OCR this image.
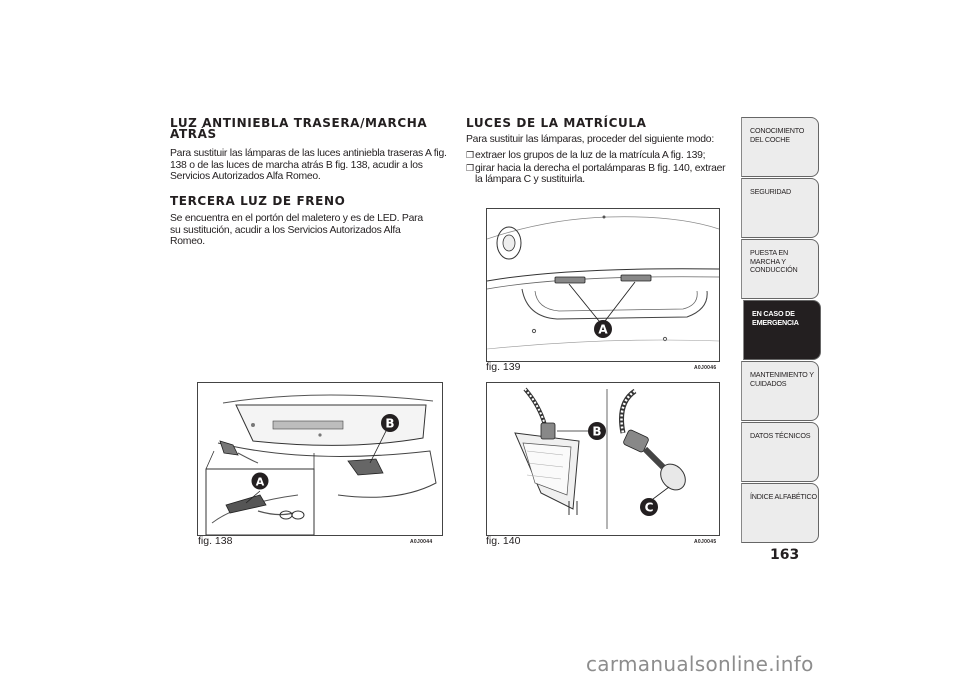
LUZ ANTINIEBLA TRASERA/MARCHA ATRÁS

Para sustituir las lámparas de las luces antiniebla traseras A fig. 138 o de las luces de marcha atrás B fig. 138, acudir a los Servicios Autorizados Alfa Romeo.

TERCERA LUZ DE FRENO

Se encuentra en el portón del maletero y es de LED. Para su sustitución, acudir a los Servicios Autorizados Alfa Romeo.

LUCES DE LA MATRÍCULA

Para sustituir las lámparas, proceder del siguiente modo:

❒ extraer los grupos de la luz de la matrícula A fig. 139;
❒ girar hacia la derecha el portalámparas B fig. 140, extraer la lámpara C y sustituirla.
B
A
fig. 138	A0J0044
A
fig. 139	A0J0046
B
C
fig. 140	A0J0045
CONOCIMIENTO DEL COCHE
SEGURIDAD
PUESTA EN MARCHA Y CONDUCCIÓN
EN CASO DE EMERGENCIA
MANTENIMIENTO Y CUIDADOS
DATOS TÉCNICOS
ÍNDICE ALFABÉTICO
163
carmanualsonline.info
